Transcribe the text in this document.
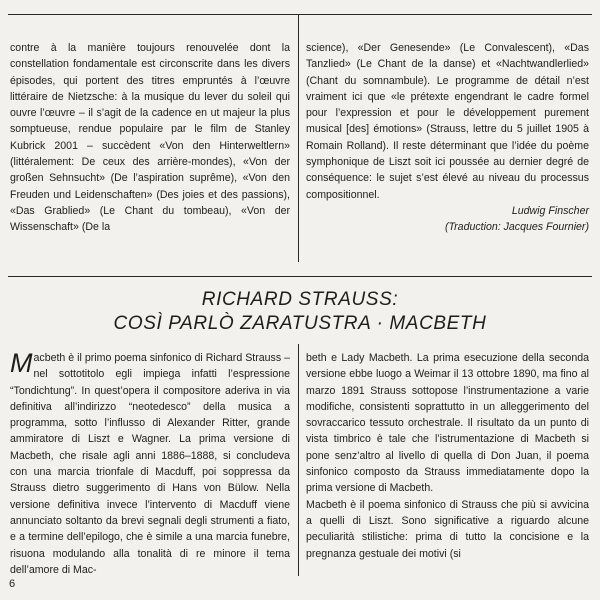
contre à la manière toujours renouvelée dont la constellation fondamentale est circonscrite dans les divers épisodes, qui portent des titres empruntés à l’œuvre littéraire de Nietzsche: à la musique du lever du soleil qui ouvre l’œuvre – il s’agit de la cadence en ut majeur la plus somptueuse, rendue populaire par le film de Stanley Kubrick 2001 – succèdent «Von den Hinterweltlern» (littéralement: De ceux des arrière-mondes), «Von der großen Sehnsucht» (De l’aspiration suprême), «Von den Freuden und Leidenschaften» (Des joies et des passions), «Das Grablied» (Le Chant du tombeau), «Von der Wissenschaft» (De la

science), «Der Genesende» (Le Convalescent), «Das Tanzlied» (Le Chant de la danse) et «Nachtwandlerlied» (Chant du somnambule). Le programme de détail n’est vraiment ici que «le prétexte engendrant le cadre formel pour l’expression et pour le développement purement musical [des] émotions» (Strauss, lettre du 5 juillet 1905 à Romain Rolland). Il reste déterminant que l’idée du poème symphonique de Liszt soit ici poussée au dernier degré de conséquence: le sujet s’est élevé au niveau du processus compositionnel.

Ludwig Finscher

(Traduction: Jacques Fournier)

RICHARD STRAUSS:
COSÌ PARLÒ ZARATUSTRA · MACBETH

Macbeth è il primo poema sinfonico di Richard Strauss – nel sottotitolo egli impiega infatti l’espressione “Tondichtung”. In quest’opera il compositore aderiva in via definitiva all’indirizzo “neotedesco” della musica a programma, sotto l’influsso di Alexander Ritter, grande ammiratore di Liszt e Wagner. La prima versione di Macbeth, che risale agli anni 1886–1888, si concludeva con una marcia trionfale di Macduff, poi soppressa da Strauss dietro suggerimento di Hans von Bülow. Nella versione definitiva invece l’intervento di Macduff viene annunciato soltanto da brevi segnali degli strumenti a fiato, e a termine dell’epilogo, che è simile a una marcia funebre, risuona modulando alla tonalità di re minore il tema dell’amore di Mac-

beth e Lady Macbeth. La prima esecuzione della seconda versione ebbe luogo a Weimar il 13 ottobre 1890, ma fino al marzo 1891 Strauss sottopose l’instrumentazione a varie modifiche, consistenti soprattutto in un alleggerimento del sovraccarico tessuto orchestrale. Il risultato da un punto di vista timbrico è tale che l’istrumentazione di Macbeth si pone senz’altro al livello di quella di Don Juan, il poema sinfonico composto da Strauss immediatamente dopo la prima versione di Macbeth.

Macbeth è il poema sinfonico di Strauss che più si avvicina a quelli di Liszt. Sono significative a riguardo alcune peculiarità stilistiche: prima di tutto la concisione e la pregnanza gestuale dei motivi (si

6
